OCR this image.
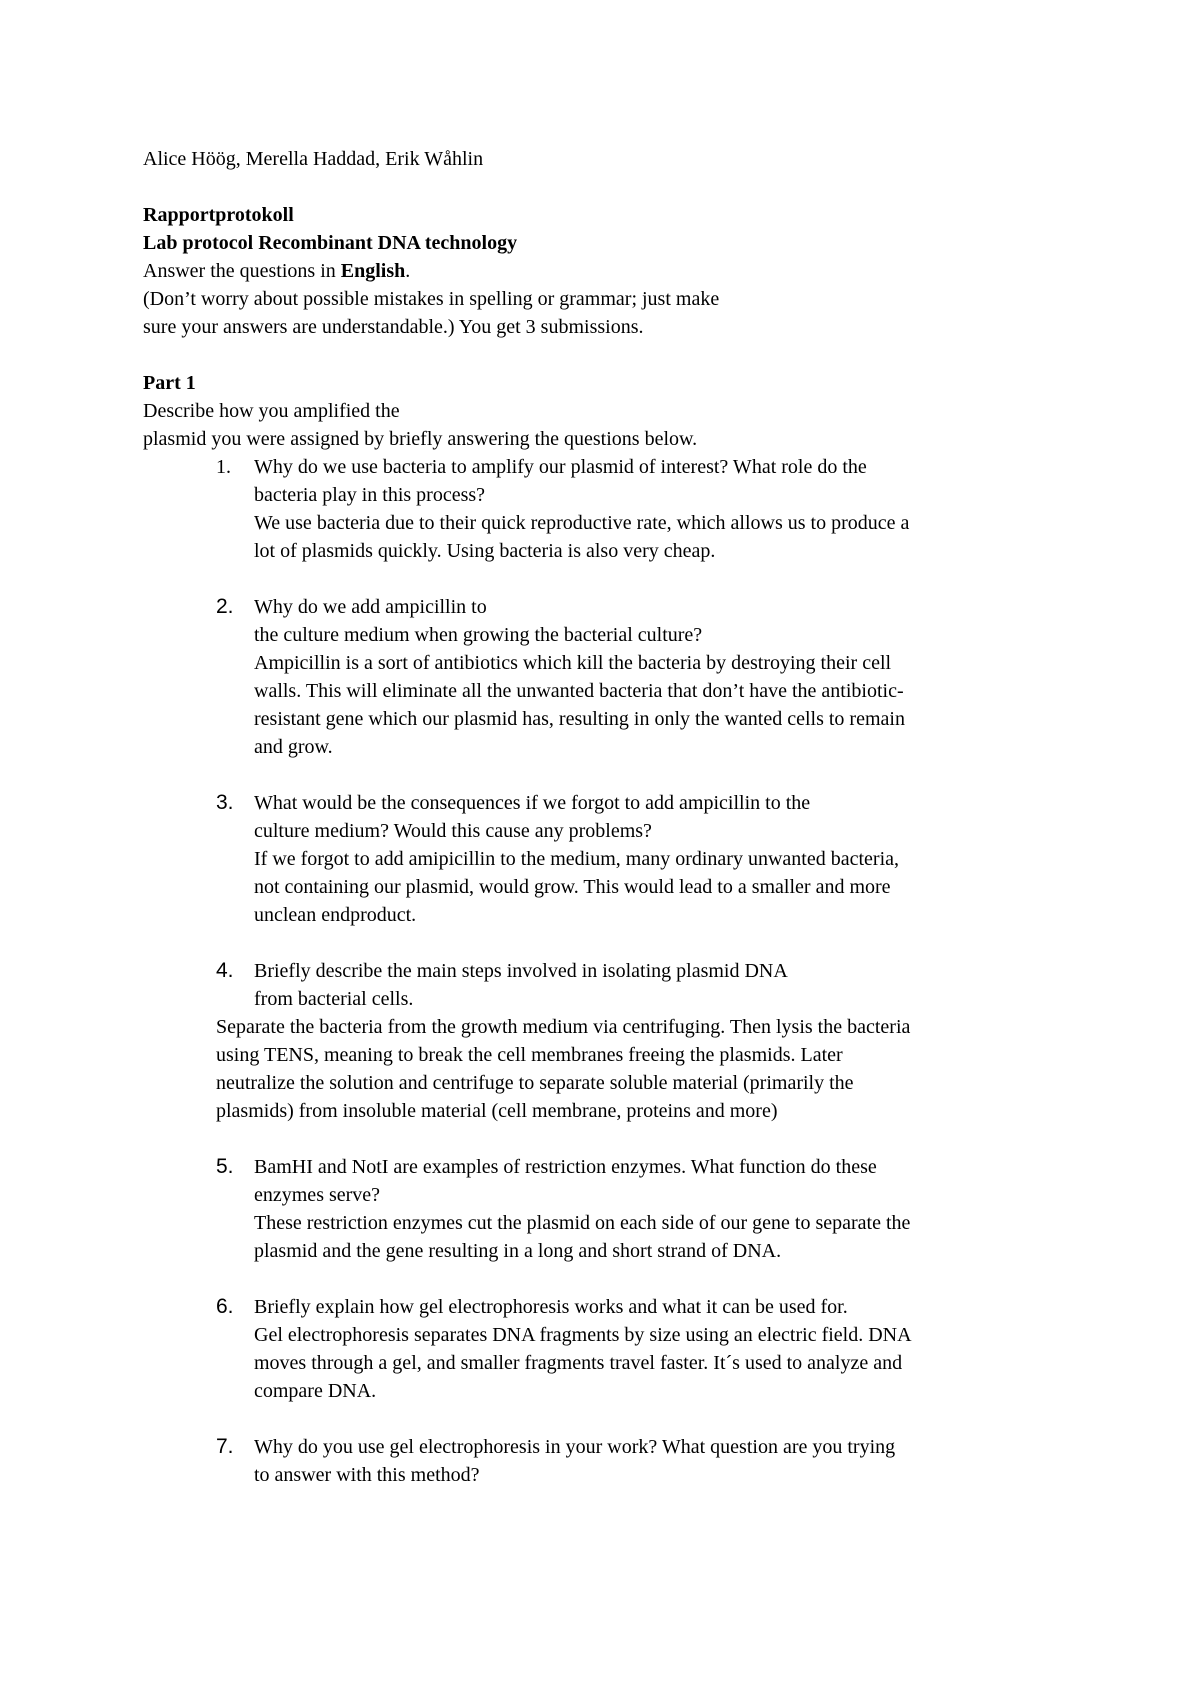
Alice Höög, Merella Haddad, Erik Wåhlin
Rapportprotokoll
Lab protocol Recombinant DNA technology
Answer the questions in English.
(Don’t worry about possible mistakes in spelling or grammar; just make
sure your answers are understandable.) You get 3 submissions.
Part 1
Describe how you amplified the
plasmid you were assigned by briefly answering the questions below.
1. Why do we use bacteria to amplify our plasmid of interest? What role do the
bacteria play in this process?
We use bacteria due to their quick reproductive rate, which allows us to produce a
lot of plasmids quickly. Using bacteria is also very cheap.
2. Why do we add ampicillin to
the culture medium when growing the bacterial culture?
Ampicillin is a sort of antibiotics which kill the bacteria by destroying their cell
walls. This will eliminate all the unwanted bacteria that don’t have the antibiotic-
resistant gene which our plasmid has, resulting in only the wanted cells to remain
and grow.
3. What would be the consequences if we forgot to add ampicillin to the
culture medium? Would this cause any problems?
If we forgot to add amipicillin to the medium, many ordinary unwanted bacteria,
not containing our plasmid, would grow. This would lead to a smaller and more
unclean endproduct.
4. Briefly describe the main steps involved in isolating plasmid DNA
from bacterial cells.
Separate the bacteria from the growth medium via centrifuging. Then lysis the bacteria
using TENS, meaning to break the cell membranes freeing the plasmids. Later
neutralize the solution and centrifuge to separate soluble material (primarily the
plasmids) from insoluble material (cell membrane, proteins and more)
5. BamHI and NotI are examples of restriction enzymes. What function do these
enzymes serve?
These restriction enzymes cut the plasmid on each side of our gene to separate the
plasmid and the gene resulting in a long and short strand of DNA.
6. Briefly explain how gel electrophoresis works and what it can be used for.
Gel electrophoresis separates DNA fragments by size using an electric field. DNA
moves through a gel, and smaller fragments travel faster. It´s used to analyze and
compare DNA.
7. Why do you use gel electrophoresis in your work? What question are you trying
to answer with this method?
